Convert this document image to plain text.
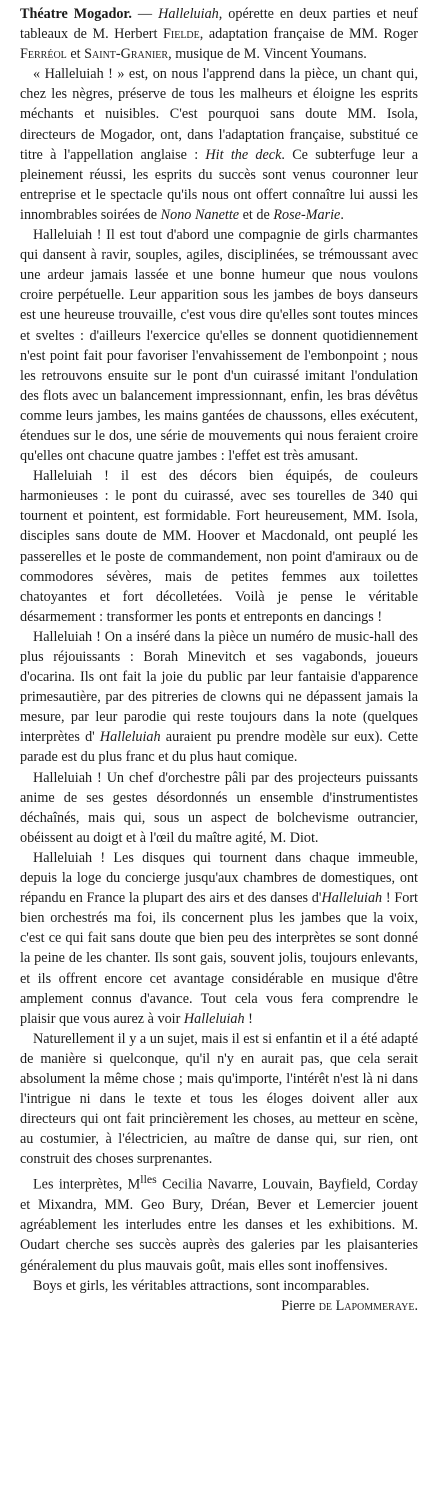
Théatre Mogador. — Halleluiah, opérette en deux parties et neuf tableaux de M. Herbert Fielde, adaptation française de MM. Roger Ferréol et Saint-Granier, musique de M. Vincent Youmans.

« Halleluiah ! » est, on nous l'apprend dans la pièce, un chant qui, chez les nègres, préserve de tous les malheurs et éloigne les esprits méchants et nuisibles. C'est pourquoi sans doute MM. Isola, directeurs de Mogador, ont, dans l'adaptation française, substitué ce titre à l'appellation anglaise : Hit the deck. Ce subterfuge leur a pleinement réussi, les esprits du succès sont venus couronner leur entreprise et le spectacle qu'ils nous ont offert connaître lui aussi les innombrables soirées de Nono Nanette et de Rose-Marie.

Halleluiah ! Il est tout d'abord une compagnie de girls charmantes qui dansent à ravir, souples, agiles, disciplinées, se trémoussant avec une ardeur jamais lassée et une bonne humeur que nous voulons croire perpétuelle. Leur apparition sous les jambes de boys danseurs est une heureuse trouvaille, c'est vous dire qu'elles sont toutes minces et sveltes : d'ailleurs l'exercice qu'elles se donnent quotidiennement n'est point fait pour favoriser l'envahissement de l'embonpoint ; nous les retrouvons ensuite sur le pont d'un cuirassé imitant l'ondulation des flots avec un balancement impressionnant, enfin, les bras dévêtus comme leurs jambes, les mains gantées de chaussons, elles exécutent, étendues sur le dos, une série de mouvements qui nous feraient croire qu'elles ont chacune quatre jambes : l'effet est très amusant.

Halleluiah ! il est des décors bien équipés, de couleurs harmonieuses : le pont du cuirassé, avec ses tourelles de 340 qui tournent et pointent, est formidable. Fort heureusement, MM. Isola, disciples sans doute de MM. Hoover et Macdonald, ont peuplé les passerelles et le poste de commandement, non point d'amiraux ou de commodores sévères, mais de petites femmes aux toilettes chatoyantes et fort décolletées. Voilà je pense le véritable désarmement : transformer les ponts et entreponts en dancings !

Halleluiah ! On a inséré dans la pièce un numéro de music-hall des plus réjouissants : Borah Minevitch et ses vagabonds, joueurs d'ocarina. Ils ont fait la joie du public par leur fantaisie d'apparence primesautière, par des pitreries de clowns qui ne dépassent jamais la mesure, par leur parodie qui reste toujours dans la note (quelques interprètes d' Halleluiah auraient pu prendre modèle sur eux). Cette parade est du plus franc et du plus haut comique.

Halleluiah ! Un chef d'orchestre pâli par des projecteurs puissants anime de ses gestes désordonnés un ensemble d'instrumentistes déchaînés, mais qui, sous un aspect de bolchevisme outrancier, obéissent au doigt et à l'œil du maître agité, M. Diot.

Halleluiah ! Les disques qui tournent dans chaque immeuble, depuis la loge du concierge jusqu'aux chambres de domestiques, ont répandu en France la plupart des airs et des danses d'Halleluiah ! Fort bien orchestrés ma foi, ils concernent plus les jambes que la voix, c'est ce qui fait sans doute que bien peu des interprètes se sont donné la peine de les chanter. Ils sont gais, souvent jolis, toujours enlevants, et ils offrent encore cet avantage considérable en musique d'être amplement connus d'avance. Tout cela vous fera comprendre le plaisir que vous aurez à voir Halleluiah !

Naturellement il y a un sujet, mais il est si enfantin et il a été adapté de manière si quelconque, qu'il n'y en aurait pas, que cela serait absolument la même chose ; mais qu'importe, l'intérêt n'est là ni dans l'intrigue ni dans le texte et tous les éloges doivent aller aux directeurs qui ont fait princièrement les choses, au metteur en scène, au costumier, à l'électricien, au maître de danse qui, sur rien, ont construit des choses surprenantes.

Les interprètes, $M^{lles}$ Cecilia Navarre, Louvain, Bayfield, Corday et Mixandra, MM. Geo Bury, Dréan, Bever et Lemercier jouent agréablement les interludes entre les danses et les exhibitions. M. Oudart cherche ses succès auprès des galeries par les plaisanteries généralement du plus mauvais goût, mais elles sont inoffensives.

Boys et girls, les véritables attractions, sont incomparables.

Pierre de Lapommeraye.
